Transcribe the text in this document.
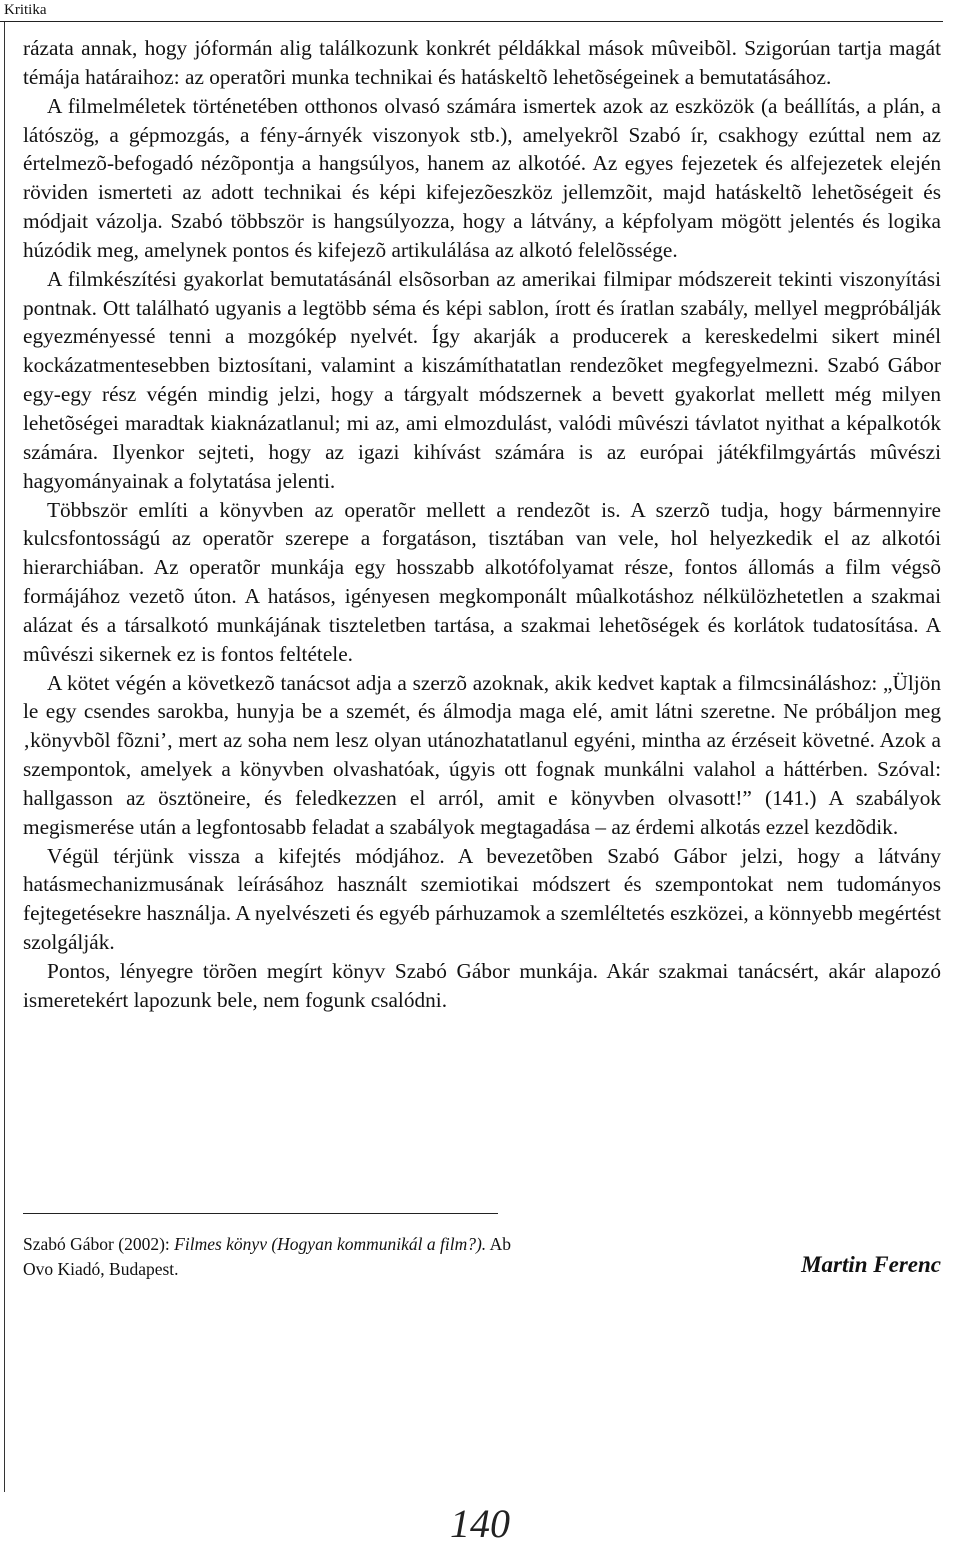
Kritika

rázata annak, hogy jóformán alig találkozunk konkrét példákkal mások mûveibõl. Szigorúan tartja magát témája határaihoz: az operatõri munka technikai és hatáskeltõ lehetõségeinek a bemutatásához.

A filmelméletek történetében otthonos olvasó számára ismertek azok az eszközök (a beállítás, a plán, a látószög, a gépmozgás, a fény-árnyék viszonyok stb.), amelyekrõl Szabó ír, csakhogy ezúttal nem az értelmezõ-befogadó nézõpontja a hangsúlyos, hanem az alkotóé. Az egyes fejezetek és alfejezetek elején röviden ismerteti az adott technikai és képi kifejezõeszköz jellemzõit, majd hatáskeltõ lehetõségeit és módjait vázolja. Szabó többször is hangsúlyozza, hogy a látvány, a képfolyam mögött jelentés és logika húzódik meg, amelynek pontos és kifejezõ artikulálása az alkotó felelõssége.

A filmkészítési gyakorlat bemutatásánál elsõsorban az amerikai filmipar módszereit tekinti viszonyítási pontnak. Ott található ugyanis a legtöbb séma és képi sablon, írott és íratlan szabály, mellyel megpróbálják egyezményessé tenni a mozgókép nyelvét. Így akarják a producerek a kereskedelmi sikert minél kockázatmentesebben biztosítani, valamint a kiszámíthatatlan rendezõket megfegyelmezni. Szabó Gábor egy-egy rész végén mindig jelzi, hogy a tárgyalt módszernek a bevett gyakorlat mellett még milyen lehetõségei maradtak kiaknázatlanul; mi az, ami elmozdulást, valódi mûvészi távlatot nyithat a képalkotók számára. Ilyenkor sejteti, hogy az igazi kihívást számára is az európai játékfilmgyártás mûvészi hagyományainak a folytatása jelenti.

Többször említi a könyvben az operatõr mellett a rendezõt is. A szerzõ tudja, hogy bármennyire kulcsfontosságú az operatõr szerepe a forgatáson, tisztában van vele, hol helyezkedik el az alkotói hierarchiában. Az operatõr munkája egy hosszabb alkotófolyamat része, fontos állomás a film végsõ formájához vezetõ úton. A hatásos, igényesen megkomponált mûalkotáshoz nélkülözhetetlen a szakmai alázat és a társalkotó munkájának tiszteletben tartása, a szakmai lehetõségek és korlátok tudatosítása. A mûvészi sikernek ez is fontos feltétele.

A kötet végén a következõ tanácsot adja a szerzõ azoknak, akik kedvet kaptak a filmcsináláshoz: „Üljön le egy csendes sarokba, hunyja be a szemét, és álmodja maga elé, amit látni szeretne. Ne próbáljon meg ‚könyvbõl fõzni’, mert az soha nem lesz olyan utánozhatatlanul egyéni, mintha az érzéseit követné. Azok a szempontok, amelyek a könyvben olvashatóak, úgyis ott fognak munkálni valahol a háttérben. Szóval: hallgasson az ösztöneire, és feledkezzen el arról, amit e könyvben olvasott!” (141.) A szabályok megismerése után a legfontosabb feladat a szabályok megtagadása – az érdemi alkotás ezzel kezdõdik.

Végül térjünk vissza a kifejtés módjához. A bevezetõben Szabó Gábor jelzi, hogy a látvány hatásmechanizmusának leírásához használt szemiotikai módszert és szempontokat nem tudományos fejtegetésekre használja. A nyelvészeti és egyéb párhuzamok a szemléltetés eszközei, a könnyebb megértést szolgálják.

Pontos, lényegre törõen megírt könyv Szabó Gábor munkája. Akár szakmai tanácsért, akár alapozó ismeretekért lapozunk bele, nem fogunk csalódni.

Szabó Gábor (2002): Filmes könyv (Hogyan kommunikál a film?). Ab Ovo Kiadó, Budapest.	Martin Ferenc
140
